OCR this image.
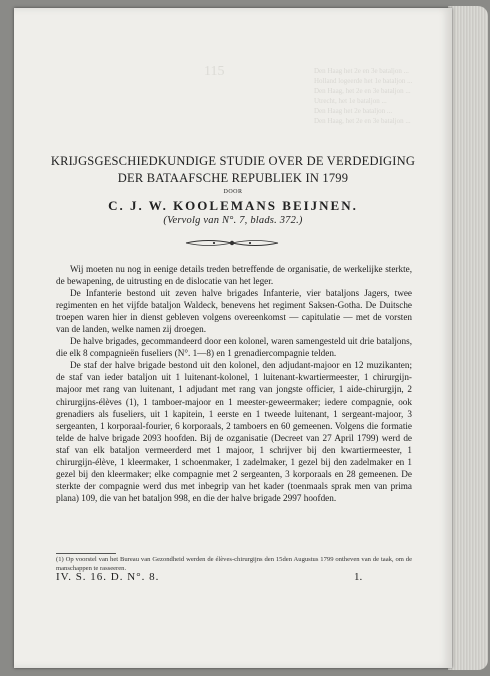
115	Den Haag het 2e en 3e bataljon ...
Holland logeerde het 1e bataljon ...
Den Haag, het 2e en 3e bataljon ...
Utrecht, het 1e bataljon ...
Den Haag het 2e bataljon ...
Den Haag, het 2e en 3e bataljon ...
KRIJGSGESCHIEDKUNDIGE STUDIE OVER DE VERDEDIGING
DER BATAAFSCHE REPUBLIEK IN 1799
DOOR
C. J. W. KOOLEMANS BEIJNEN.
(Vervolg van N°. 7, blads. 372.)

Wij moeten nu nog in eenige details treden betreffende de organisatie, de werkelijke sterkte, de bewapening, de uitrusting en de dislocatie van het leger.

De Infanterie bestond uit zeven halve brigades Infanterie, vier bataljons Jagers, twee regimenten en het vijfde bataljon Waldeck, benevens het regiment Saksen-Gotha. De Duitsche troepen waren hier in dienst gebleven volgens overeenkomst — capitulatie — met de vorsten van de landen, welke namen zij droegen.

De halve brigades, gecommandeerd door een kolonel, waren samengesteld uit drie bataljons, die elk 8 compagnieën fuseliers (N°. 1—8) en 1 grenadiercompagnie telden.

De staf der halve brigade bestond uit den kolonel, den adjudant-majoor en 12 muzikanten; de staf van ieder bataljon uit 1 luitenant-kolonel, 1 luitenant-kwartiermeester, 1 chirurgijn-majoor met rang van luitenant, 1 adjudant met rang van jongste officier, 1 aide-chirurgijn, 2 chirurgijns-élèves (1), 1 tamboer-majoor en 1 meester-geweermaker; iedere compagnie, ook grenadiers als fuseliers, uit 1 kapitein, 1 eerste en 1 tweede luitenant, 1 sergeant-majoor, 3 sergeanten, 1 korporaal-fourier, 6 korporaals, 2 tamboers en 60 gemeenen. Volgens die formatie telde de halve brigade 2093 hoofden. Bij de ozganisatie (Decreet van 27 April 1799) werd de staf van elk bataljon vermeerderd met 1 majoor, 1 schrijver bij den kwartiermeester, 1 chirurgijn-élève, 1 kleermaker, 1 schoenmaker, 1 zadelmaker, 1 gezel bij den zadelmaker en 1 gezel bij den kleermaker; elke compagnie met 2 sergeanten, 3 korporaals en 28 gemeenen. De sterkte der compagnie werd dus met inbegrip van het kader (toenmaals sprak men van prima plana) 109, die van het bataljon 998, en die der halve brigade 2997 hoofden.

(1) Op voorstel van het Bureau van Gezondheid werden de élèves-chirurgijns den 15den Augustus 1799 ontheven van de taak, om de manschappen te rasseeren.
IV. S. 16. D. N°. 8.	1.
